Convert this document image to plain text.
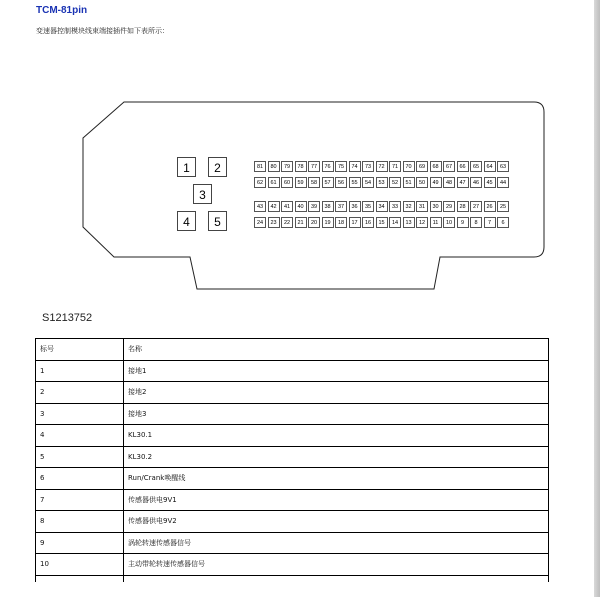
TCM-81pin
变速器控制模块线束端接插件如下表所示：
1	2
3
4	5
81	80	79	78	77	76	75	74	73	72	71	70	69	68	67	66	65	64	63
62	61	60	59	58	57	56	55	54	53	52	51	50	49	48	47	46	45	44
43	42	41	40	39	38	37	36	35	34	33	32	31	30	29	28	27	26	25
24	23	22	21	20	19	18	17	16	15	14	13	12	11	10	9	8	7	6
S1213752
标号	名称
1	接地1
2	接地2
3	接地3
4	KL30.1
5	KL30.2
6	Run/Crank唤醒线
7	传感器供电9V1
8	传感器供电9V2
9	涡轮转速传感器信号
10	主动带轮转速传感器信号
